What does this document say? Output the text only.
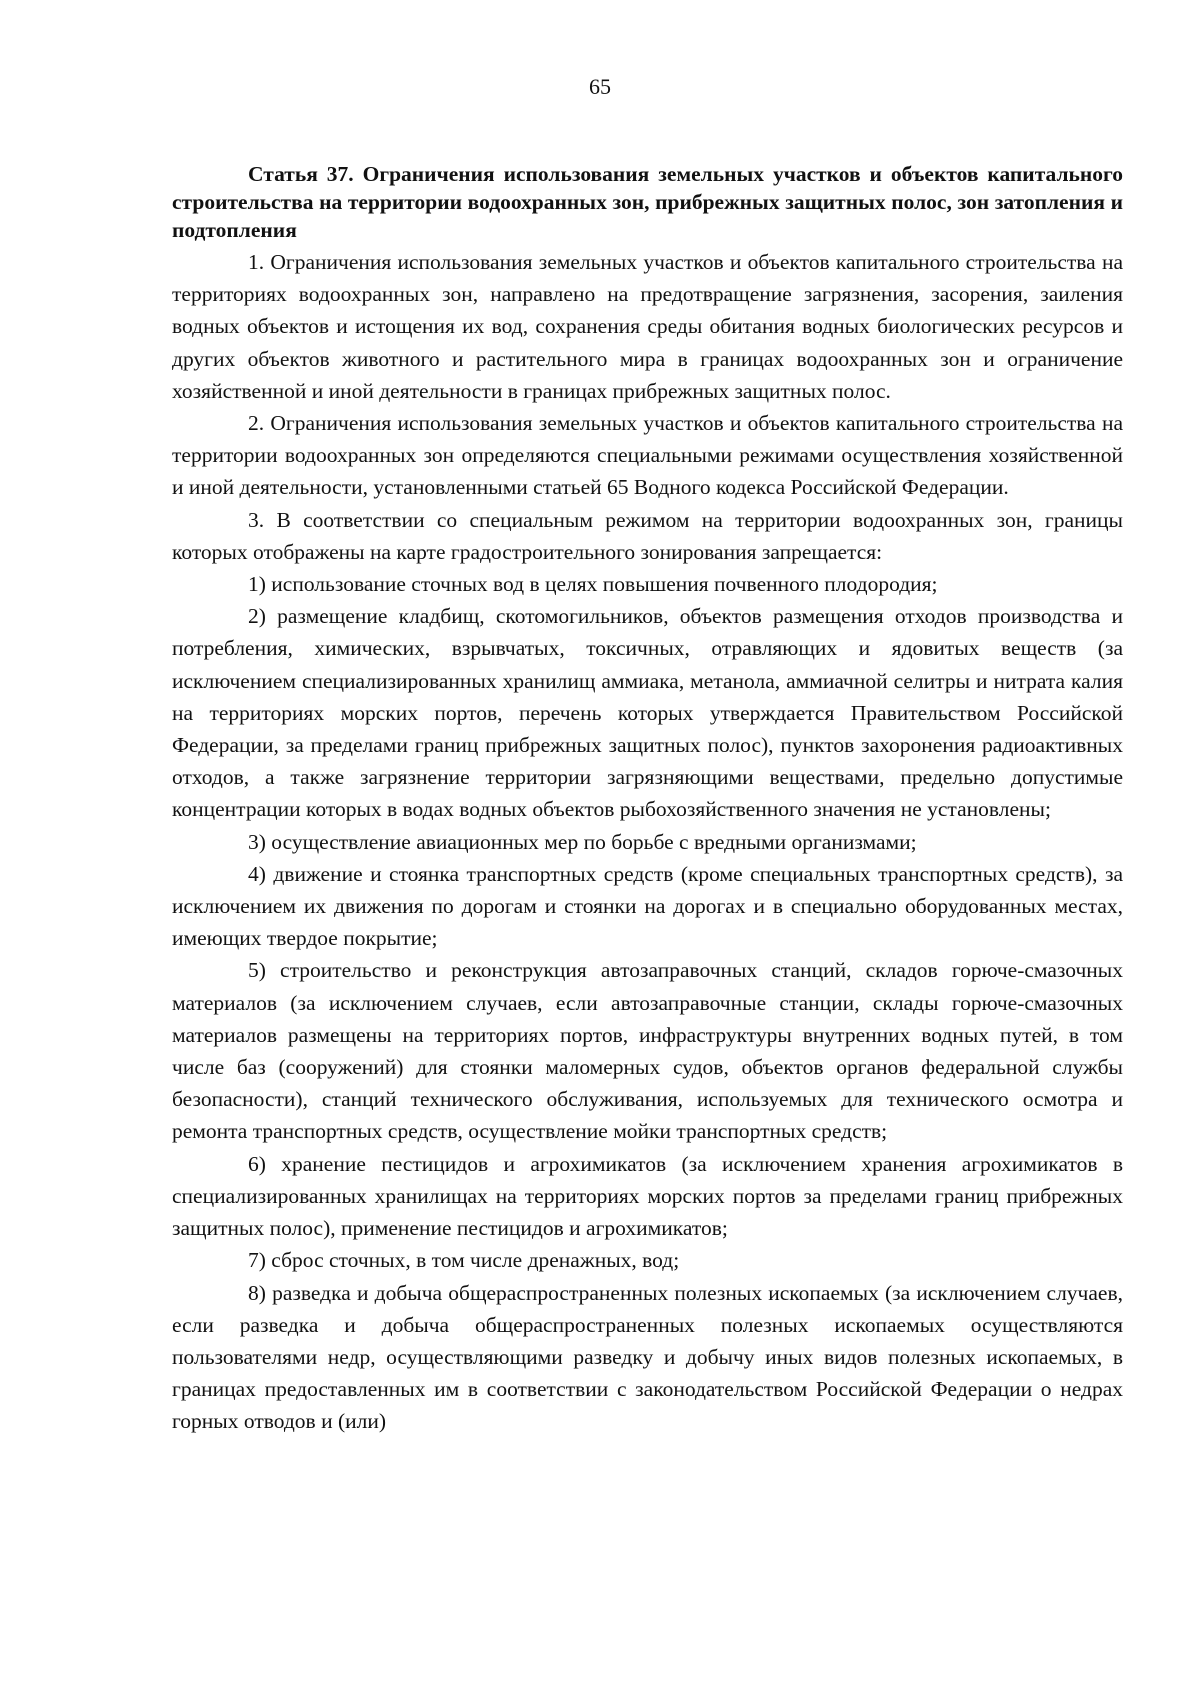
65

Статья 37. Ограничения использования земельных участков и объектов капитального строительства на территории водоохранных зон, прибрежных защитных полос, зон затопления и подтопления

1. Ограничения использования земельных участков и объектов капитального строительства на территориях водоохранных зон, направлено на предотвращение загрязнения, засорения, заиления водных объектов и истощения их вод, сохранения среды обитания водных биологических ресурсов и других объектов животного и растительного мира в границах водоохранных зон и ограничение хозяйственной и иной деятельности в границах прибрежных защитных полос.

2. Ограничения использования земельных участков и объектов капитального строительства на территории водоохранных зон определяются специальными режимами осуществления хозяйственной и иной деятельности, установленными статьей 65 Водного кодекса Российской Федерации.

3. В соответствии со специальным режимом на территории водоохранных зон, границы которых отображены на карте градостроительного зонирования запрещается:

1) использование сточных вод в целях повышения почвенного плодородия;

2) размещение кладбищ, скотомогильников, объектов размещения отходов производства и потребления, химических, взрывчатых, токсичных, отравляющих и ядовитых веществ (за исключением специализированных хранилищ аммиака, метанола, аммиачной селитры и нитрата калия на территориях морских портов, перечень которых утверждается Правительством Российской Федерации, за пределами границ прибрежных защитных полос), пунктов захоронения радиоактивных отходов, а также загрязнение территории загрязняющими веществами, предельно допустимые концентрации которых в водах водных объектов рыбохозяйственного значения не установлены;

3) осуществление авиационных мер по борьбе с вредными организмами;

4) движение и стоянка транспортных средств (кроме специальных транспортных средств), за исключением их движения по дорогам и стоянки на дорогах и в специально оборудованных местах, имеющих твердое покрытие;

5) строительство и реконструкция автозаправочных станций, складов горюче-смазочных материалов (за исключением случаев, если автозаправочные станции, склады горюче-смазочных материалов размещены на территориях портов, инфраструктуры внутренних водных путей, в том числе баз (сооружений) для стоянки маломерных судов, объектов органов федеральной службы безопасности), станций технического обслуживания, используемых для технического осмотра и ремонта транспортных средств, осуществление мойки транспортных средств;

6) хранение пестицидов и агрохимикатов (за исключением хранения агрохимикатов в специализированных хранилищах на территориях морских портов за пределами границ прибрежных защитных полос), применение пестицидов и агрохимикатов;

7) сброс сточных, в том числе дренажных, вод;

8) разведка и добыча общераспространенных полезных ископаемых (за исключением случаев, если разведка и добыча общераспространенных полезных ископаемых осуществляются пользователями недр, осуществляющими разведку и добычу иных видов полезных ископаемых, в границах предоставленных им в соответствии с законодательством Российской Федерации о недрах горных отводов и (или)
